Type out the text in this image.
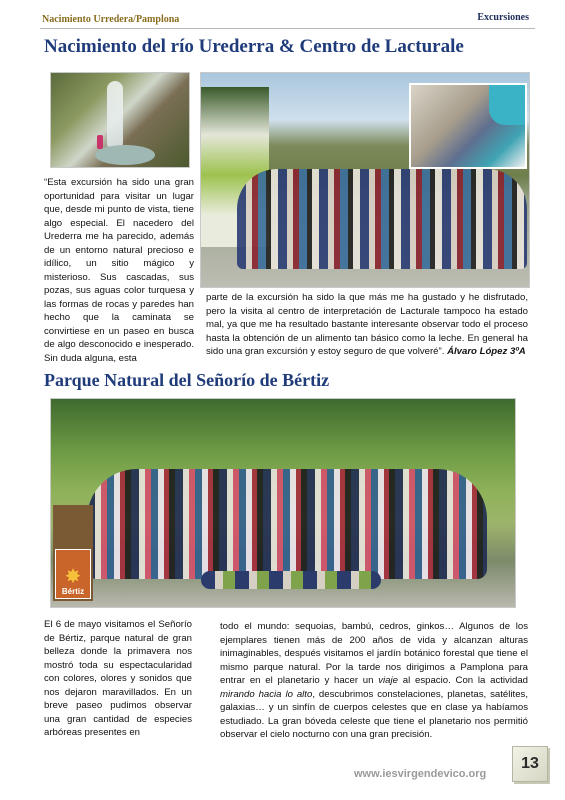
Nacimiento Urredera/Pamplona	Excursiones
Nacimiento del río Urederra & Centro de Lacturale

“Esta excursión ha sido una gran oportunidad para visitar un lugar que, desde mi punto de vista, tiene algo especial. El nacedero del Urederra me ha parecido, además de un entorno natural precioso e idílico, un sitio mágico y misterioso. Sus cascadas, sus pozas, sus aguas color turquesa y las formas de rocas y paredes han hecho que la caminata se convirtiese en un paseo en busca de algo desconocido e inesperado. Sin duda alguna, esta

parte de la excursión ha sido la que más me ha gustado y he disfrutado, pero la visita al centro de interpretación de Lacturale tampoco ha estado mal, ya que me ha resultado bastante interesante observar todo el proceso hasta la obtención de un alimento tan básico como la leche. En general ha sido una gran excursión y estoy seguro de que volveré”. Álvaro López 3ºA
Parque Natural del Señorío de Bértiz
✸
Bértiz

El 6 de mayo visitamos el Señorío de Bértiz, parque natural de gran belleza donde la primavera nos mostró toda su espectacularidad con colores, olores y sonidos que nos dejaron maravillados. En un breve paseo pudimos observar una gran cantidad de especies arbóreas presentes en

todo el mundo: sequoias, bambú, cedros, ginkos… Algunos de los ejemplares tienen más de 200 años de vida y alcanzan alturas inimaginables, después visitamos el jardín botánico forestal que tiene el mismo parque natural. Por la tarde nos dirigimos a Pamplona para entrar en el planetario y hacer un viaje al espacio. Con la actividad mirando hacia lo alto, descubrimos constelaciones, planetas, satélites, galaxias… y un sinfín de cuerpos celestes que en clase ya habíamos estudiado. La gran bóveda celeste que tiene el planetario nos permitió observar el cielo nocturno con una gran precisión.
www.iesvirgendevico.org
13
